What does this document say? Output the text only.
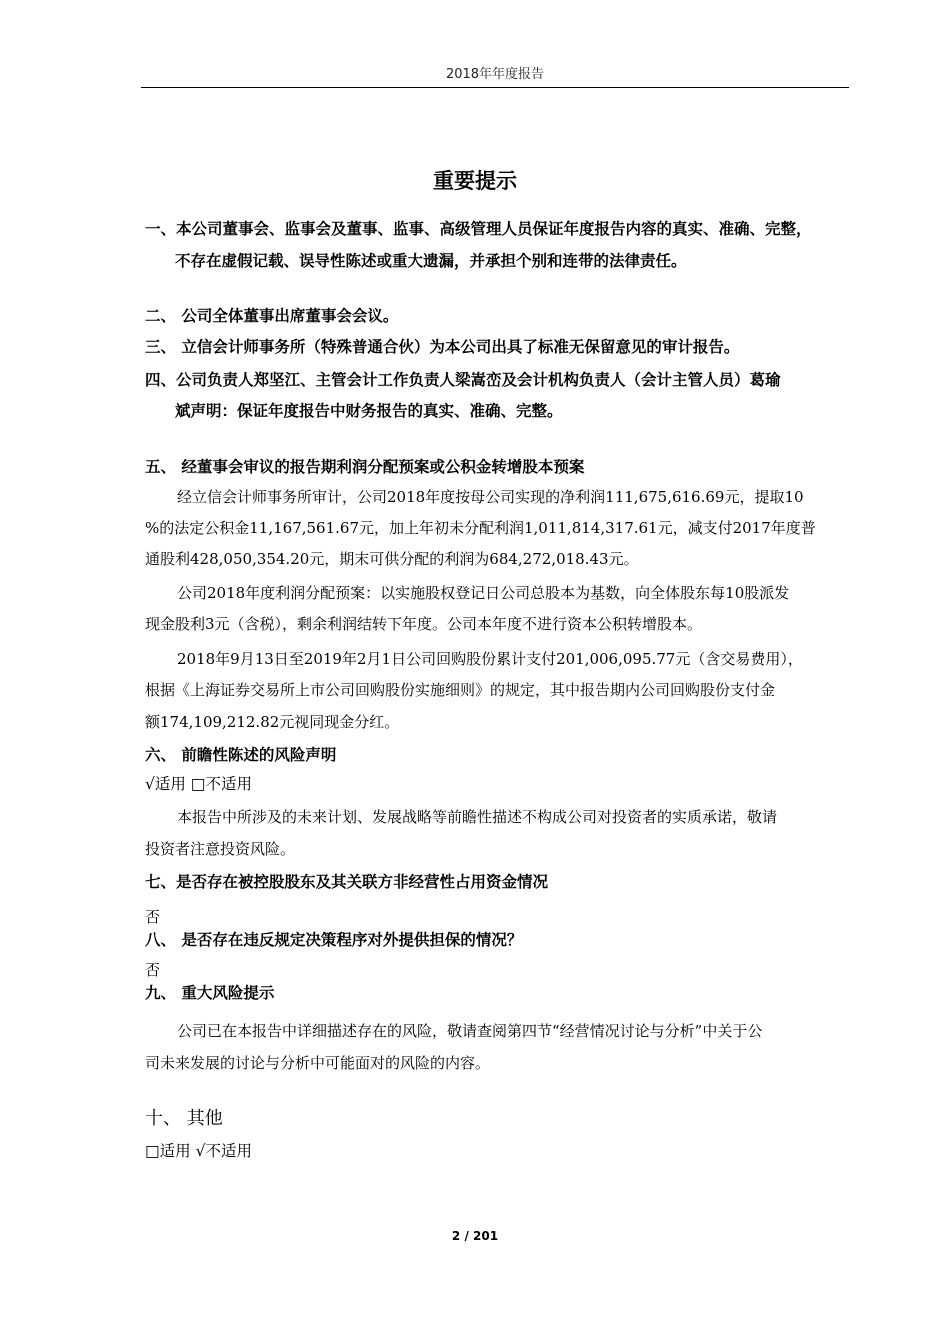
2018年年度报告
重要提示
一、本公司董事会、监事会及董事、监事、高级管理人员保证年度报告内容的真实、准确、完整，
不存在虚假记载、误导性陈述或重大遗漏，并承担个别和连带的法律责任。
二、 公司全体董事出席董事会会议。
三、 立信会计师事务所（特殊普通合伙）为本公司出具了标准无保留意见的审计报告。
四、公司负责人郑坚江、主管会计工作负责人梁嵩峦及会计机构负责人（会计主管人员）葛瑜
斌声明：保证年度报告中财务报告的真实、准确、完整。
五、 经董事会审议的报告期利润分配预案或公积金转增股本预案
经立信会计师事务所审计，公司2018年度按母公司实现的净利润111,675,616.69元，提取10
%的法定公积金11,167,561.67元，加上年初未分配利润1,011,814,317.61元，减支付2017年度普
通股利428,050,354.20元，期末可供分配的利润为684,272,018.43元。
公司2018年度利润分配预案：以实施股权登记日公司总股本为基数，向全体股东每10股派发
现金股利3元（含税），剩余利润结转下年度。公司本年度不进行资本公积转增股本。
2018年9月13日至2019年2月1日公司回购股份累计支付201,006,095.77元（含交易费用），
根据《上海证券交易所上市公司回购股份实施细则》的规定，其中报告期内公司回购股份支付金
额174,109,212.82元视同现金分红。
六、 前瞻性陈述的风险声明
√适用 □不适用
本报告中所涉及的未来计划、发展战略等前瞻性描述不构成公司对投资者的实质承诺，敬请
投资者注意投资风险。
七、是否存在被控股股东及其关联方非经营性占用资金情况
否
八、 是否存在违反规定决策程序对外提供担保的情况？
否
九、 重大风险提示
公司已在本报告中详细描述存在的风险，敬请查阅第四节“经营情况讨论与分析”中关于公
司未来发展的讨论与分析中可能面对的风险的内容。
十、 其他
□适用 √不适用
2 / 201
